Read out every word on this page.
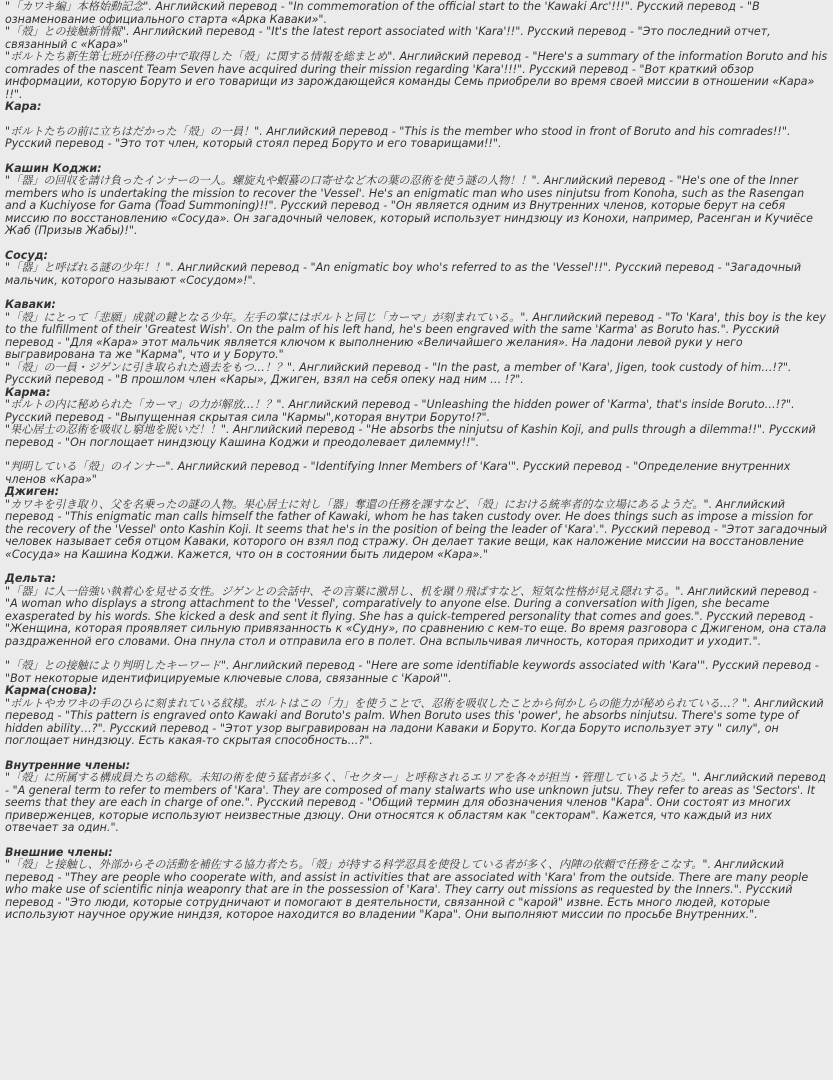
"「カワキ編」本格始動記念". Английский перевод - "In commemoration of the official start to the 'Kawaki Arc'!!!". Русский перевод - "В ознаменование официального старта «Арка Каваки»".
"「殻」との接触新情報". Английский перевод - "It's the latest report associated with 'Kara'!!". Русский перевод - "Это последний отчет, связанный с «Кара»"
"ボルトたち新生第七班が任務の中で取得した「殻」に関する情報を総まとめ". Английский перевод - "Here's a summary of the information Boruto and his comrades of the nascent Team Seven have acquired during their mission regarding 'Kara'!!!". Русский перевод - "Вот краткий обзор информации, которую Боруто и его товарищи из зарождающейся команды Семь приобрели во время своей миссии в отношении «Кара» !!".
Кара:
"ボルトたちの前に立ちはだかった「殻」の一員！". Английский перевод - "This is the member who stood in front of Boruto and his comrades!!". Русский перевод - "Это тот член, который стоял перед Боруто и его товарищами!!".
Кашин Коджи:
"「器」の回収を請け負ったインナーの一人。螺旋丸や蝦蟇の口寄せなど木の葉の忍術を使う謎の人物！！". Английский перевод - "He's one of the Inner members who is undertaking the mission to recover the 'Vessel'. He's an enigmatic man who uses ninjutsu from Konoha, such as the Rasengan and a Kuchiyose for Gama (Toad Summoning)!!". Русский перевод - "Он является одним из Внутренних членов, которые берут на себя миссию по восстановлению «Сосуда». Он загадочный человек, который использует ниндзюцу из Конохи, например, Расенган и Кучиёсе Жаб (Призыв Жабы)!".
Сосуд:
"「器」と呼ばれる謎の少年！！". Английский перевод - "An enigmatic boy who's referred to as the 'Vessel'!!". Русский перевод - "Загадочный мальчик, которого называют «Сосудом»!".
Каваки:
"「殻」にとって「悲願」成就の鍵となる少年。左手の掌にはボルトと同じ「カーマ」が刻まれている。". Английский перевод - "To 'Kara', this boy is the key to the fulfillment of their 'Greatest Wish'. On the palm of his left hand, he's been engraved with the same 'Karma' as Boruto has.". Русский перевод - "Для «Кара» этот мальчик является ключом к выполнению «Величайшего желания». На ладони левой руки у него выгравирована та же "Карма", что и у Боруто."
"「殻」の一員・ジゲンに引き取られた過去をもつ…！？". Английский перевод - "In the past, a member of 'Kara', Jigen, took custody of him…!?". Русский перевод - "В прошлом член «Кары», Джиген, взял на себя опеку над ним … !?".
Карма:
"ボルトの内に秘められた「カーマ」の力が解放…！？". Английский перевод - "Unleashing the hidden power of 'Karma', that's inside Boruto…!?". Русский перевод - "Выпущенная скрытая сила "Кармы",которая внутри Боруто!?".
"果心居士の忍術を吸収し窮地を脱いだ！！". Английский перевод - "He absorbs the ninjutsu of Kashin Koji, and pulls through a dilemma!!". Русский перевод - "Он поглощает ниндзюцу Кашина Коджи и преодолевает дилемму!!".
"判明している「殻」のインナー". Английский перевод - "Identifying Inner Members of 'Kara'". Русский перевод - "Определение внутренних членов «Кара»"
Джиген:
"カワキを引き取り、父を名乗ったの謎の人物。果心居士に対し「器」奪還の任務を課すなど、「殻」における統率者的な立場にあるようだ。". Английский перевод - "This enigmatic man calls himself the father of Kawaki, whom he has taken custody over. He does things such as impose a mission for the recovery of the 'Vessel' onto Kashin Koji. It seems that he's in the position of being the leader of 'Kara'.". Русский перевод - "Этот загадочный человек называет себя отцом Каваки, которого он взял под стражу. Он делает такие вещи, как наложение миссии на восстановление «Сосуда» на Кашина Коджи. Кажется, что он в состоянии быть лидером «Кара»."
Дельта:
"「器」に人一倍強い執着心を見せる女性。ジゲンとの会話中、その言葉に激昂し、机を蹴り飛ばすなど、短気な性格が見え隠れする。". Английский перевод - "A woman who displays a strong attachment to the 'Vessel', comparatively to anyone else. During a conversation with Jigen, she became exasperated by his words. She kicked a desk and sent it flying. She has a quick-tempered personality that comes and goes.". Русский перевод - "Женщина, которая проявляет сильную привязанность к «Судну», по сравнению с кем-то еще. Во время разговора с Джигеном, она стала раздраженной его словами. Она пнула стол и отправила его в полет. Она вспыльчивая личность, которая приходит и уходит.".
"「殻」との接触により判明したキーワード". Английский перевод - "Here are some identifiable keywords associated with 'Kara'". Русский перевод - "Вот некоторые идентифицируемые ключевые слова, связанные с 'Карой'".
Карма(снова):
"ボルトやカワキの手のひらに刻まれている紋様。ボルトはこの「力」を使うことで、忍術を吸収したことから何かしらの能力が秘められている…？". Английский перевод - "This pattern is engraved onto Kawaki and Boruto's palm. When Boruto uses this 'power', he absorbs ninjutsu. There's some type of hidden ability…?". Русский перевод - "Этот узор выгравирован на ладони Каваки и Боруто. Когда Боруто использует эту " силу", он поглощает ниндзюцу. Есть какая-то скрытая способность...?".
Внутренние члены:
"「殻」に所属する構成員たちの総称。未知の術を使う猛者が多く、「セクター」と呼称されるエリアを各々が担当・管理しているようだ。". Английский перевод - "A general term to refer to members of 'Kara'. They are composed of many stalwarts who use unknown jutsu. They refer to areas as 'Sectors'. It seems that they are each in charge of one.". Русский перевод - "Общий термин для обозначения членов "Кара". Они состоят из многих приверженцев, которые используют неизвестные дзюцу. Они относятся к областям как "секторам". Кажется, что каждый из них отвечает за один.".
Внешние члены:
"「殻」と接触し、外部からその活動を補佐する協力者たち。「殻」が持する科学忍具を使役している者が多く、内陣の依頼で任務をこなす。". Английский перевод - "They are people who cooperate with, and assist in activities that are associated with 'Kara' from the outside. There are many people who make use of scientific ninja weaponry that are in the possession of 'Kara'. They carry out missions as requested by the Inners.". Русский перевод - "Это люди, которые сотрудничают и помогают в деятельности, связанной с "карой" извне. Есть много людей, которые используют научное оружие ниндзя, которое находится во владении "Кара". Они выполняют миссии по просьбе Внутренних.".
